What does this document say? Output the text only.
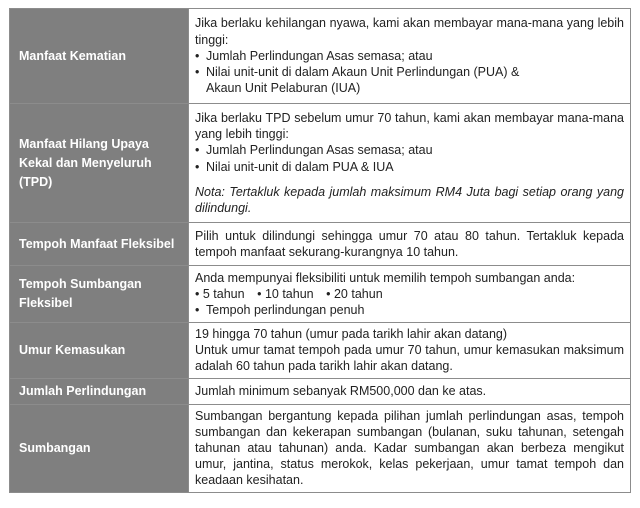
Manfaat Kematian	Jika berlaku kehilangan nyawa, kami akan membayar mana-mana yang lebih tinggi:
• Jumlah Perlindungan Asas semasa; atau
• Nilai unit-unit di dalam Akaun Unit Perlindungan (PUA) &
Akaun Unit Pelaburan (IUA)

Manfaat Hilang Upaya Kekal dan Menyeluruh (TPD)	Jika berlaku TPD sebelum umur 70 tahun, kami akan membayar mana-mana yang lebih tinggi:
• Jumlah Perlindungan Asas semasa; atau
• Nilai unit-unit di dalam PUA & IUA
Nota: Tertakluk kepada jumlah maksimum RM4 Juta bagi setiap orang yang dilindungi.

Tempoh Manfaat Fleksibel	Pilih untuk dilindungi sehingga umur 70 atau 80 tahun. Tertakluk kepada tempoh manfaat sekurang-kurangnya 10 tahun.
Tempoh Sumbangan Fleksibel	Anda mempunyai fleksibiliti untuk memilih tempoh sumbangan anda:
• 5 tahun • 10 tahun • 20 tahun
• Tempoh perlindungan penuh

Umur Kemasukan	19 hingga 70 tahun (umur pada tarikh lahir akan datang)
Untuk umur tamat tempoh pada umur 70 tahun, umur kemasukan maksimum adalah 60 tahun pada tarikh lahir akan datang.

Jumlah Perlindungan	Jumlah minimum sebanyak RM500,000 dan ke atas.
Sumbangan	Sumbangan bergantung kepada pilihan jumlah perlindungan asas, tempoh sumbangan dan kekerapan sumbangan (bulanan, suku tahunan, setengah tahunan atau tahunan) anda. Kadar sumbangan akan berbeza mengikut umur, jantina, status merokok, kelas pekerjaan, umur tamat tempoh dan keadaan kesihatan.
